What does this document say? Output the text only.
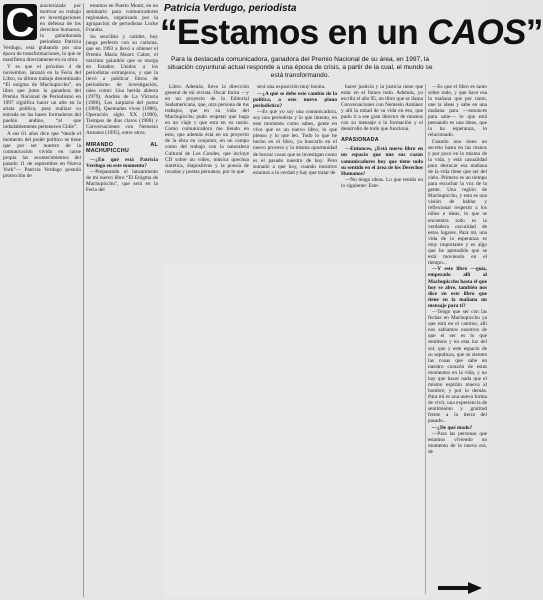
C	aracterizada por motivar su trabajo en investigaciones en defensa de los derechos humanos, la galardonada periodista Patricia Verdugo, está grabando por una época de transformaciones, lo que se manifiesta directamente en su obra.

Y es que el próximo 4 de noviembre, lanzará en la Feria del Libro, su último trabajo denominado “El enigma de Machupicchu”, un libro que junto la ganadora del Premio Nacional de Periodismo en 1997 significa hacer un alto en la arista política, para realizar su entrada en las bases formadoras del pueblo andino, “al que indudablemente pertenecen Chile”.

A sus 61 años dice que “desde el momento del poder político se tiene que por ser nuestro de la comunicación vivido en carne propia las acontecimientos del pasado 11 de septiembre en Nueva York”— Patricia Verdugo postuló protección de

estamos en Puerto Montt, en un seminario para comunicadores regionales, organizado por la agrupación de periodistas Locke Frandiz.

Su sencillez y calidez, hoy juega perfecto con su carisma, que en 1993 a llevó a obtener el Premio María Moors Cabot, el máximo galardón que se otorga en Estados Unidos a los periodistas extranjeros, y que la llevó a publicar libros de periodismo de investigación, tales como: Una herida abierta (1979), Andrés de La Victoria (1986), Los zarpazos del puma (1989), Quemados vivos (1986), Operación siglo XX (1990), Tiempos de días claros (1980) y Conversaciones con Nemesio Antunez (1995), entre otros.

MIRANDO AL MACHUPICCHU

—¿En qué está Patricia Verdugo en este momento?

—Preparando el lanzamiento de mi nuevo libro “El Enigma de Machupicchu”, que será en la Feria del

Patricia Verdugo, periodista
“Estamos en un CAOS”
Para la destacada comunicadora, ganadora del Premio Nacional de su área, en 1997, la situación coyuntural actual responde a una época de crisis, a partir de la cual, el mundo se está transformando.

Libro. Además, llevo la dirección general de mi revista. Oscar Iturra —y en un proyecto de la Editorial Sudamericana, que, otra persona de tus trabajos, que en su vida del Machupicchu pudo respetar que haga en un viaje y que esta en su razón. Como comunicadora me tiendo en esto, que además está en un proyecto de la obra en conjunto, en un campo como del trabajo con la naturaleza Cultural de Los Condes, que incluye CD sobre un video, música quechua sintética, diapositivas y la poesía de rosadas y poetas peruanos, por lo que

será una exposición muy bonita.

—¿A qué se debe este cambio de la política, a este nuevo plano periodístico?

—Es que yo soy una comunicadora, soy una periodista y lo que intento, en este momento como sabes, gente en vivo que es un nuevo libro, lo que pienso y lo que leo. Todo lo que he hecho en el libro, ya buscarlo en el nuevo proceso y la misma oportunidad de buscar cosas que se investigan como es el pasado nuestro de hoy. Pero sumado a que hoy, cuando nosotros estamos a la verdad y hay que tratar de

hacer justicia y la justicia tiene que estar en el futuro todo. Además, yo escribí el año 95, un libro que se llama Conversaciones con Nemesio Antúnez y allí la mitad de su vida en eso, que pudo ir a ese gran director de museos con su mensaje a la formación y el desarrollo de todo que funciona.

APASIONADA

—Entonces, ¿Está nuevo libro en un espacio que une sus razón comunicadores hoy que tiene todo su sentido en el área de los Derechos Humanos?

—No tengo ideas. Lo que tenido en lo siguiente: Este-

—Es que el libro es tanto sobre todo, y que hace esa la mañana que por tanto, une la ideas y sabe en una mañana para —entonces para sabe— lo que está pensando es una ideas, que la ha esperanza, lo relacionado.

Cuando uno tiene un secreto hasta en las manos y por poco en lo mismo de la vida, y está casualidad para destacar esa mañana de la vida tiene que ser del cielo. Primero es un tiempo para escuchar la voz de la gente. Una región de Machupicchu, y esto es una visión de hablar y reflexionar respecto a los niños e ideas, lo que se encuentra todo es la verdadera oscuridad de estos lugares. Para mi, una vida de la esperanza es muy importante y es algo que he aprendido que se está moviendo en el tiempo...

—Y este libro —guía, empezado allí al Machupicchu hasta el que hoy se abre, también nos dice en este libro que tiene en la mañana un mensaje para ti?

—Tengo que ser con las fechas en Machupicchu ya que está en el camino, allí nos sabíamos nosotros de que el ser es lo que sentimos y en esta luz del sol, que y este espacio de su sepultura, que se sienten las cosas que sabe en nuestro corazón de estas momentos en la vida, y no hay que hacer nada que el mismo espíritu mueva al hombre, y por lo demás. Para mí es una nueva forma de vivir, una experiencia de sentimiento y gratitud frente a la tierra del pasado...

—¿De qué modo?

—Para las personas que estamos viviendo un momento de la nueva era, de
